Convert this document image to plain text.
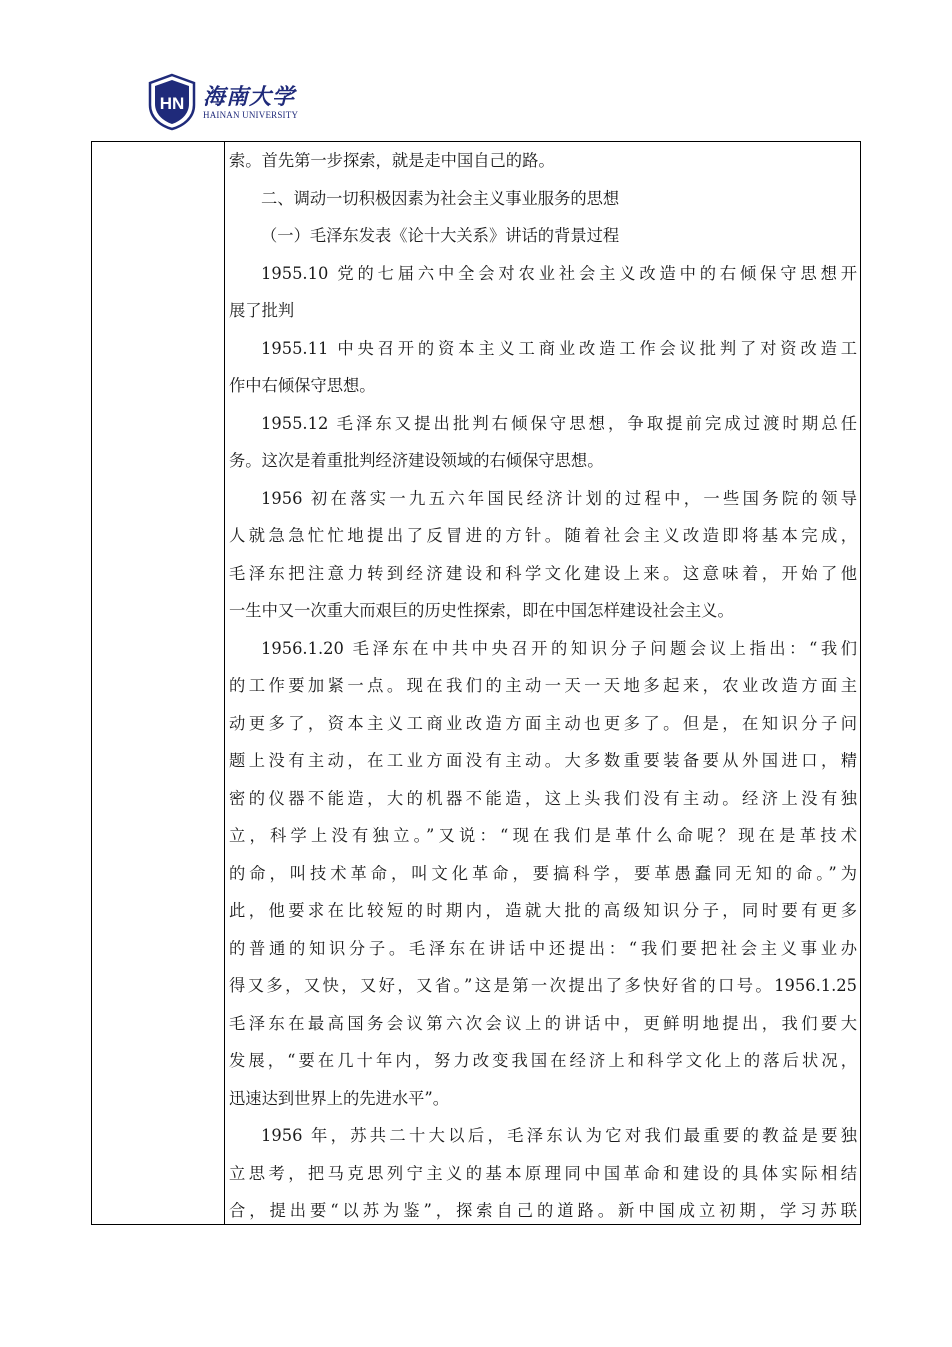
HN 海南大学
HAINAN UNIVERSITY
索。首先第一步探索，就是走中国自己的路。
二、调动一切积极因素为社会主义事业服务的思想
（一）毛泽东发表《论十大关系》讲话的背景过程
1955.10 党的七届六中全会对农业社会主义改造中的右倾保守思想开
展了批判
1955.11 中央召开的资本主义工商业改造工作会议批判了对资改造工
作中右倾保守思想。
1955.12 毛泽东又提出批判右倾保守思想，争取提前完成过渡时期总任
务。这次是着重批判经济建设领域的右倾保守思想。
1956 初在落实一九五六年国民经济计划的过程中，一些国务院的领导
人就急急忙忙地提出了反冒进的方针。随着社会主义改造即将基本完成，
毛泽东把注意力转到经济建设和科学文化建设上来。这意味着，开始了他
一生中又一次重大而艰巨的历史性探索，即在中国怎样建设社会主义。
1956.1.20 毛泽东在中共中央召开的知识分子问题会议上指出：“我们
的工作要加紧一点。现在我们的主动一天一天地多起来，农业改造方面主
动更多了，资本主义工商业改造方面主动也更多了。但是，在知识分子问
题上没有主动，在工业方面没有主动。大多数重要装备要从外国进口，精
密的仪器不能造，大的机器不能造，这上头我们没有主动。经济上没有独
立，科学上没有独立。”又说：“现在我们是革什么命呢？现在是革技术
的命，叫技术革命，叫文化革命，要搞科学，要革愚蠢同无知的命。”为
此，他要求在比较短的时期内，造就大批的高级知识分子，同时要有更多
的普通的知识分子。毛泽东在讲话中还提出：“我们要把社会主义事业办
得又多，又快，又好，又省。”这是第一次提出了多快好省的口号。1956.1.25
毛泽东在最高国务会议第六次会议上的讲话中，更鲜明地提出，我们要大
发展，“要在几十年内，努力改变我国在经济上和科学文化上的落后状况，
迅速达到世界上的先进水平”。
1956 年，苏共二十大以后，毛泽东认为它对我们最重要的教益是要独
立思考，把马克思列宁主义的基本原理同中国革命和建设的具体实际相结
合，提出要“以苏为鉴”，探索自己的道路。新中国成立初期，学习苏联
